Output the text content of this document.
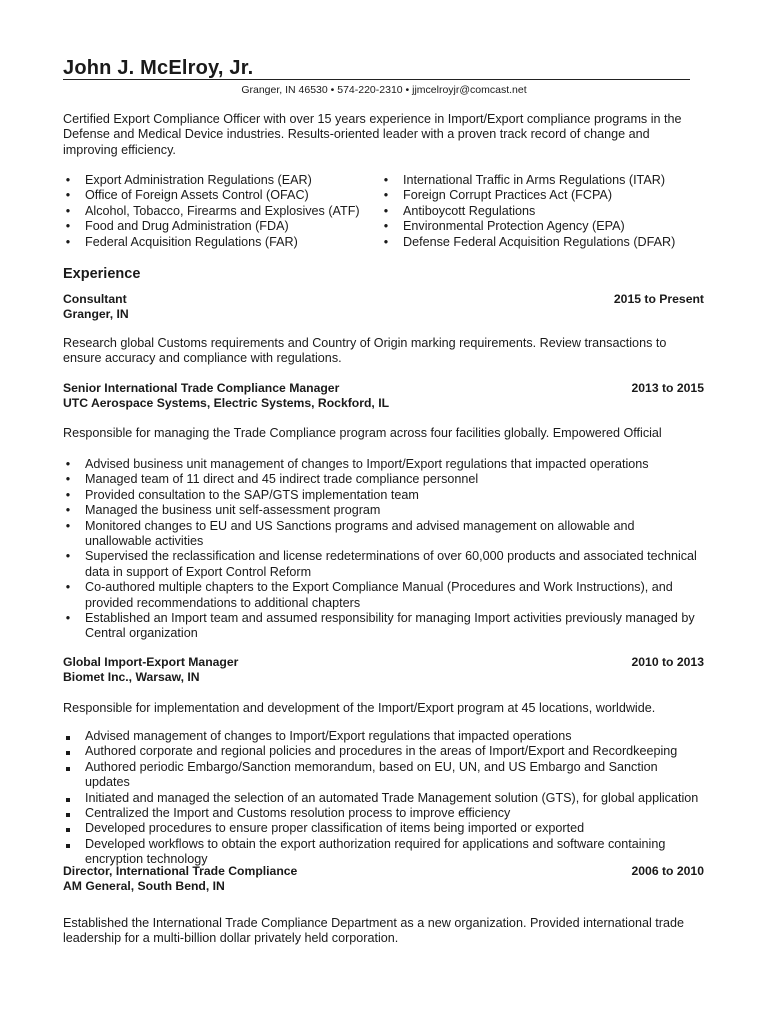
John J. McElroy, Jr.
Granger, IN 46530 • 574-220-2310 • jjmcelroyjr@comcast.net

Certified Export Compliance Officer with over 15 years experience in Import/Export compliance programs in the Defense and Medical Device industries. Results-oriented leader with a proven track record of change and improving efficiency.

• Export Administration Regulations (EAR)
• Office of Foreign Assets Control (OFAC)
• Alcohol, Tobacco, Firearms and Explosives (ATF)
• Food and Drug Administration (FDA)
• Federal Acquisition Regulations (FAR)
• International Traffic in Arms Regulations (ITAR)
• Foreign Corrupt Practices Act (FCPA)
• Antiboycott Regulations
• Environmental Protection Agency (EPA)
• Defense Federal Acquisition Regulations (DFAR)
Experience
Consultant	2015 to Present
Granger, IN

Research global Customs requirements and Country of Origin marking requirements. Review transactions to ensure accuracy and compliance with regulations.

Senior International Trade Compliance Manager	2013 to 2015
UTC Aerospace Systems, Electric Systems, Rockford, IL

Responsible for managing the Trade Compliance program across four facilities globally. Empowered Official

• Advised business unit management of changes to Import/Export regulations that impacted operations
• Managed team of 11 direct and 45 indirect trade compliance personnel
• Provided consultation to the SAP/GTS implementation team
• Managed the business unit self-assessment program
• Monitored changes to EU and US Sanctions programs and advised management on allowable and unallowable activities
• Supervised the reclassification and license redeterminations of over 60,000 products and associated technical data in support of Export Control Reform
• Co-authored multiple chapters to the Export Compliance Manual (Procedures and Work Instructions), and provided recommendations to additional chapters
• Established an Import team and assumed responsibility for managing Import activities previously managed by Central organization
Global Import-Export Manager	2010 to 2013
Biomet Inc., Warsaw, IN

Responsible for implementation and development of the Import/Export program at 45 locations, worldwide.

Advised management of changes to Import/Export regulations that impacted operations
Authored corporate and regional policies and procedures in the areas of Import/Export and Recordkeeping
Authored periodic Embargo/Sanction memorandum, based on EU, UN, and US Embargo and Sanction updates
Initiated and managed the selection of an automated Trade Management solution (GTS), for global application
Centralized the Import and Customs resolution process to improve efficiency
Developed procedures to ensure proper classification of items being imported or exported
Developed workflows to obtain the export authorization required for applications and software containing encryption technology
Director, International Trade Compliance	2006 to 2010
AM General, South Bend, IN

Established the International Trade Compliance Department as a new organization. Provided international trade leadership for a multi-billion dollar privately held corporation.
